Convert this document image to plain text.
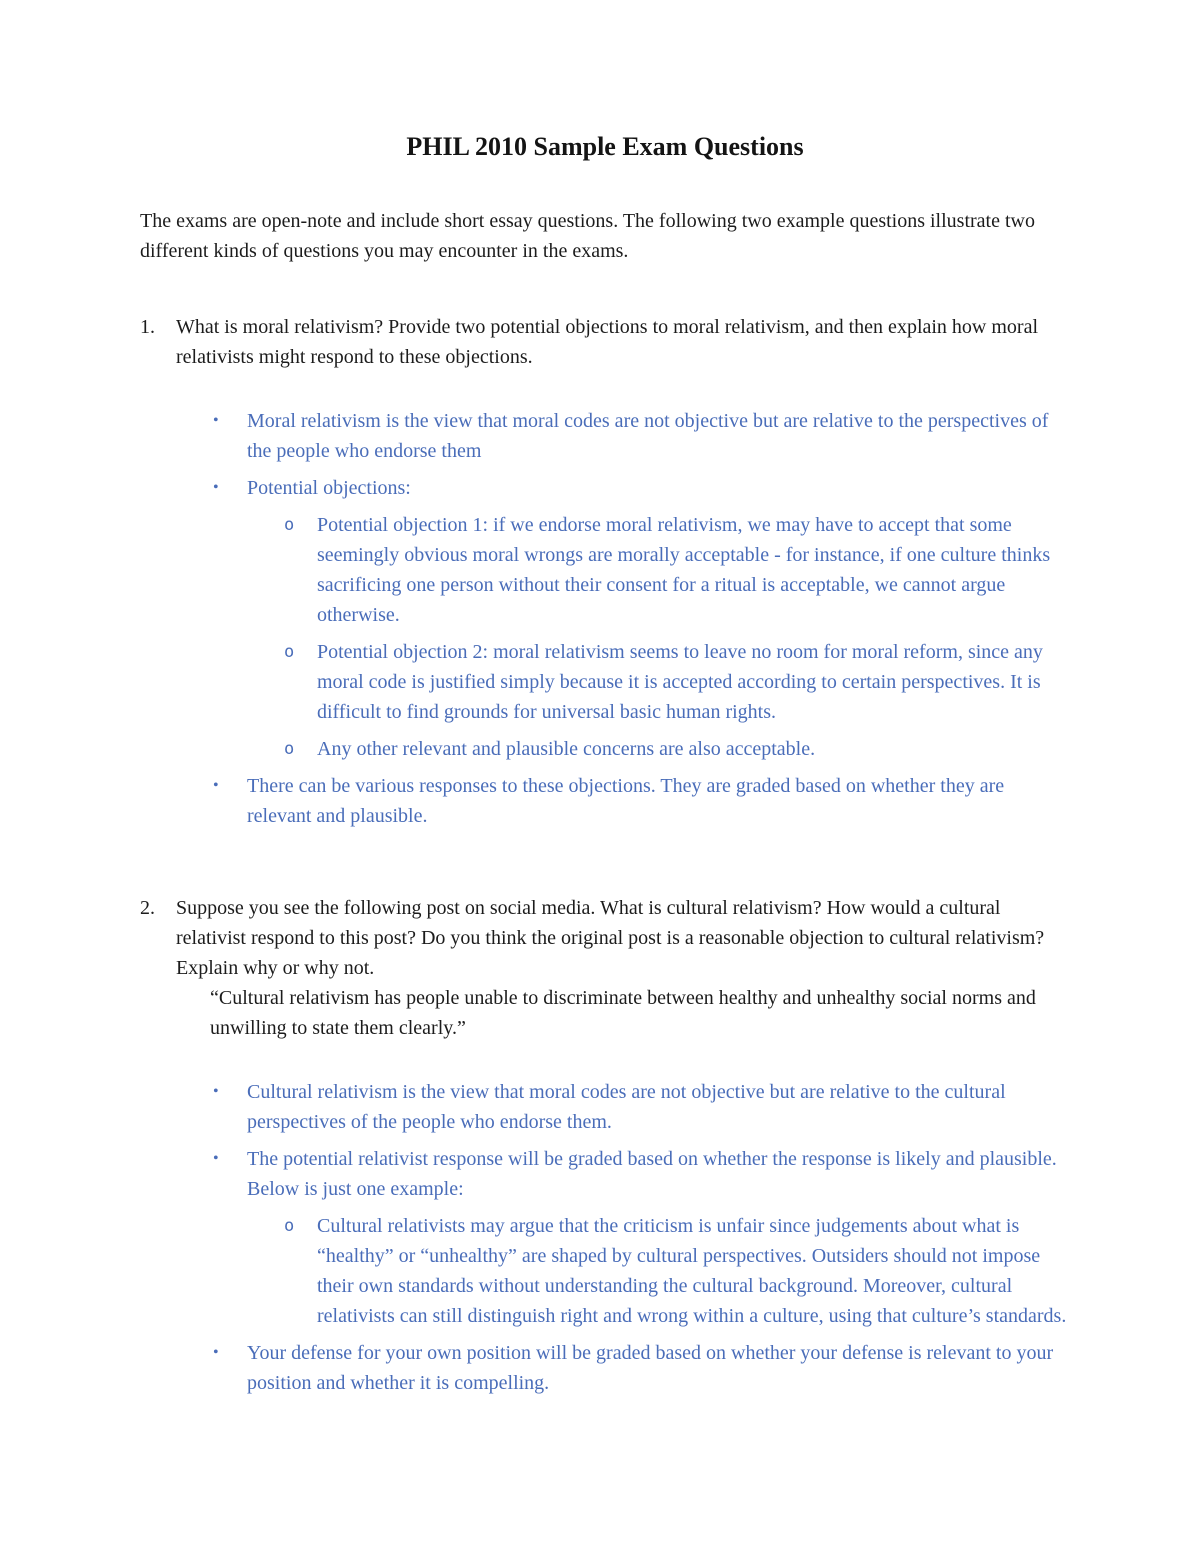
PHIL 2010 Sample Exam Questions

The exams are open-note and include short essay questions. The following two example questions illustrate two different kinds of questions you may encounter in the exams.

1.	What is moral relativism? Provide two potential objections to moral relativism, and then explain how moral relativists might respond to these objections.
•	Moral relativism is the view that moral codes are not objective but are relative to the perspectives of the people who endorse them
•	Potential objections:
o	Potential objection 1: if we endorse moral relativism, we may have to accept that some seemingly obvious moral wrongs are morally acceptable - for instance, if one culture thinks sacrificing one person without their consent for a ritual is acceptable, we cannot argue otherwise.
o	Potential objection 2: moral relativism seems to leave no room for moral reform, since any moral code is justified simply because it is accepted according to certain perspectives. It is difficult to find grounds for universal basic human rights.
o	Any other relevant and plausible concerns are also acceptable.
•	There can be various responses to these objections. They are graded based on whether they are relevant and plausible.
2.	Suppose you see the following post on social media. What is cultural relativism? How would a cultural relativist respond to this post? Do you think the original post is a reasonable objection to cultural relativism? Explain why or why not.
“Cultural relativism has people unable to discriminate between healthy and unhealthy social norms and unwilling to state them clearly.”
•	Cultural relativism is the view that moral codes are not objective but are relative to the cultural perspectives of the people who endorse them.
•	The potential relativist response will be graded based on whether the response is likely and plausible. Below is just one example:
o	Cultural relativists may argue that the criticism is unfair since judgements about what is “healthy” or “unhealthy” are shaped by cultural perspectives. Outsiders should not impose their own standards without understanding the cultural background. Moreover, cultural relativists can still distinguish right and wrong within a culture, using that culture’s standards.
•	Your defense for your own position will be graded based on whether your defense is relevant to your position and whether it is compelling.
